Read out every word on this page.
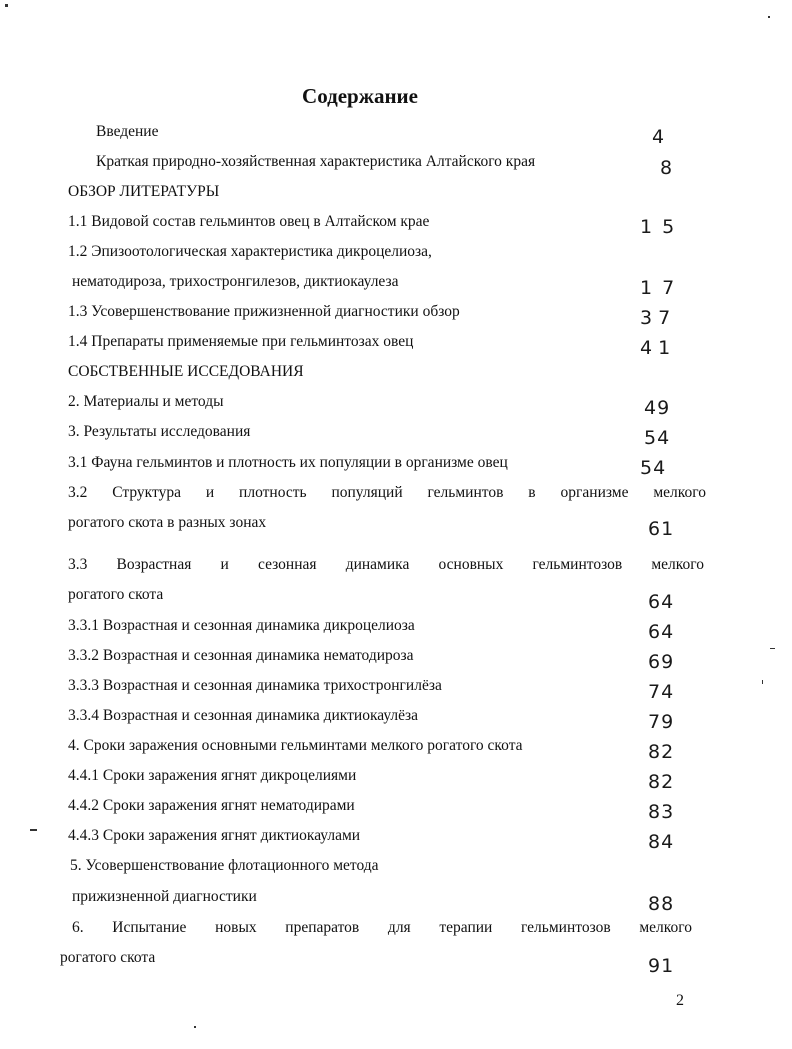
Содержание
Введение	4
Краткая природно-хозяйственная характеристика Алтайского края	8
ОБЗОР ЛИТЕРАТУРЫ
1.1 Видовой состав гельминтов овец в Алтайском крае	15
1.2 Эпизоотологическая характеристика дикроцелиоза,
нематодироза, трихостронгилезов, диктиокаулеза	17
1.3 Усовершенствование прижизненной диагностики обзор	37
1.4 Препараты применяемые при гельминтозах овец	41
СОБСТВЕННЫЕ ИССЕДОВАНИЯ
2. Материалы и методы	49
3. Результаты исследования	54
3.1 Фауна гельминтов и плотность их популяции в организме овец	54
3.2 Структура и плотность популяций гельминтов в организме мелкого
рогатого скота в разных зонах	61
3.3 Возрастная и сезонная динамика основных гельминтозов мелкого
рогатого скота	64
3.3.1 Возрастная и сезонная динамика дикроцелиоза	64
3.3.2 Возрастная и сезонная динамика нематодироза	69
3.3.3 Возрастная и сезонная динамика трихостронгилёза	74
3.3.4 Возрастная и сезонная динамика диктиокаулёза	79
4. Сроки заражения основными гельминтами мелкого рогатого скота	82
4.4.1 Сроки заражения ягнят дикроцелиями	82
4.4.2 Сроки заражения ягнят нематодирами	83
4.4.3 Сроки заражения ягнят диктиокаулами	84
5. Усовершенствование флотационного метода
прижизненной диагностики	88
6. Испытание новых препаратов для терапии гельминтозов мелкого
рогатого скота	91
2
